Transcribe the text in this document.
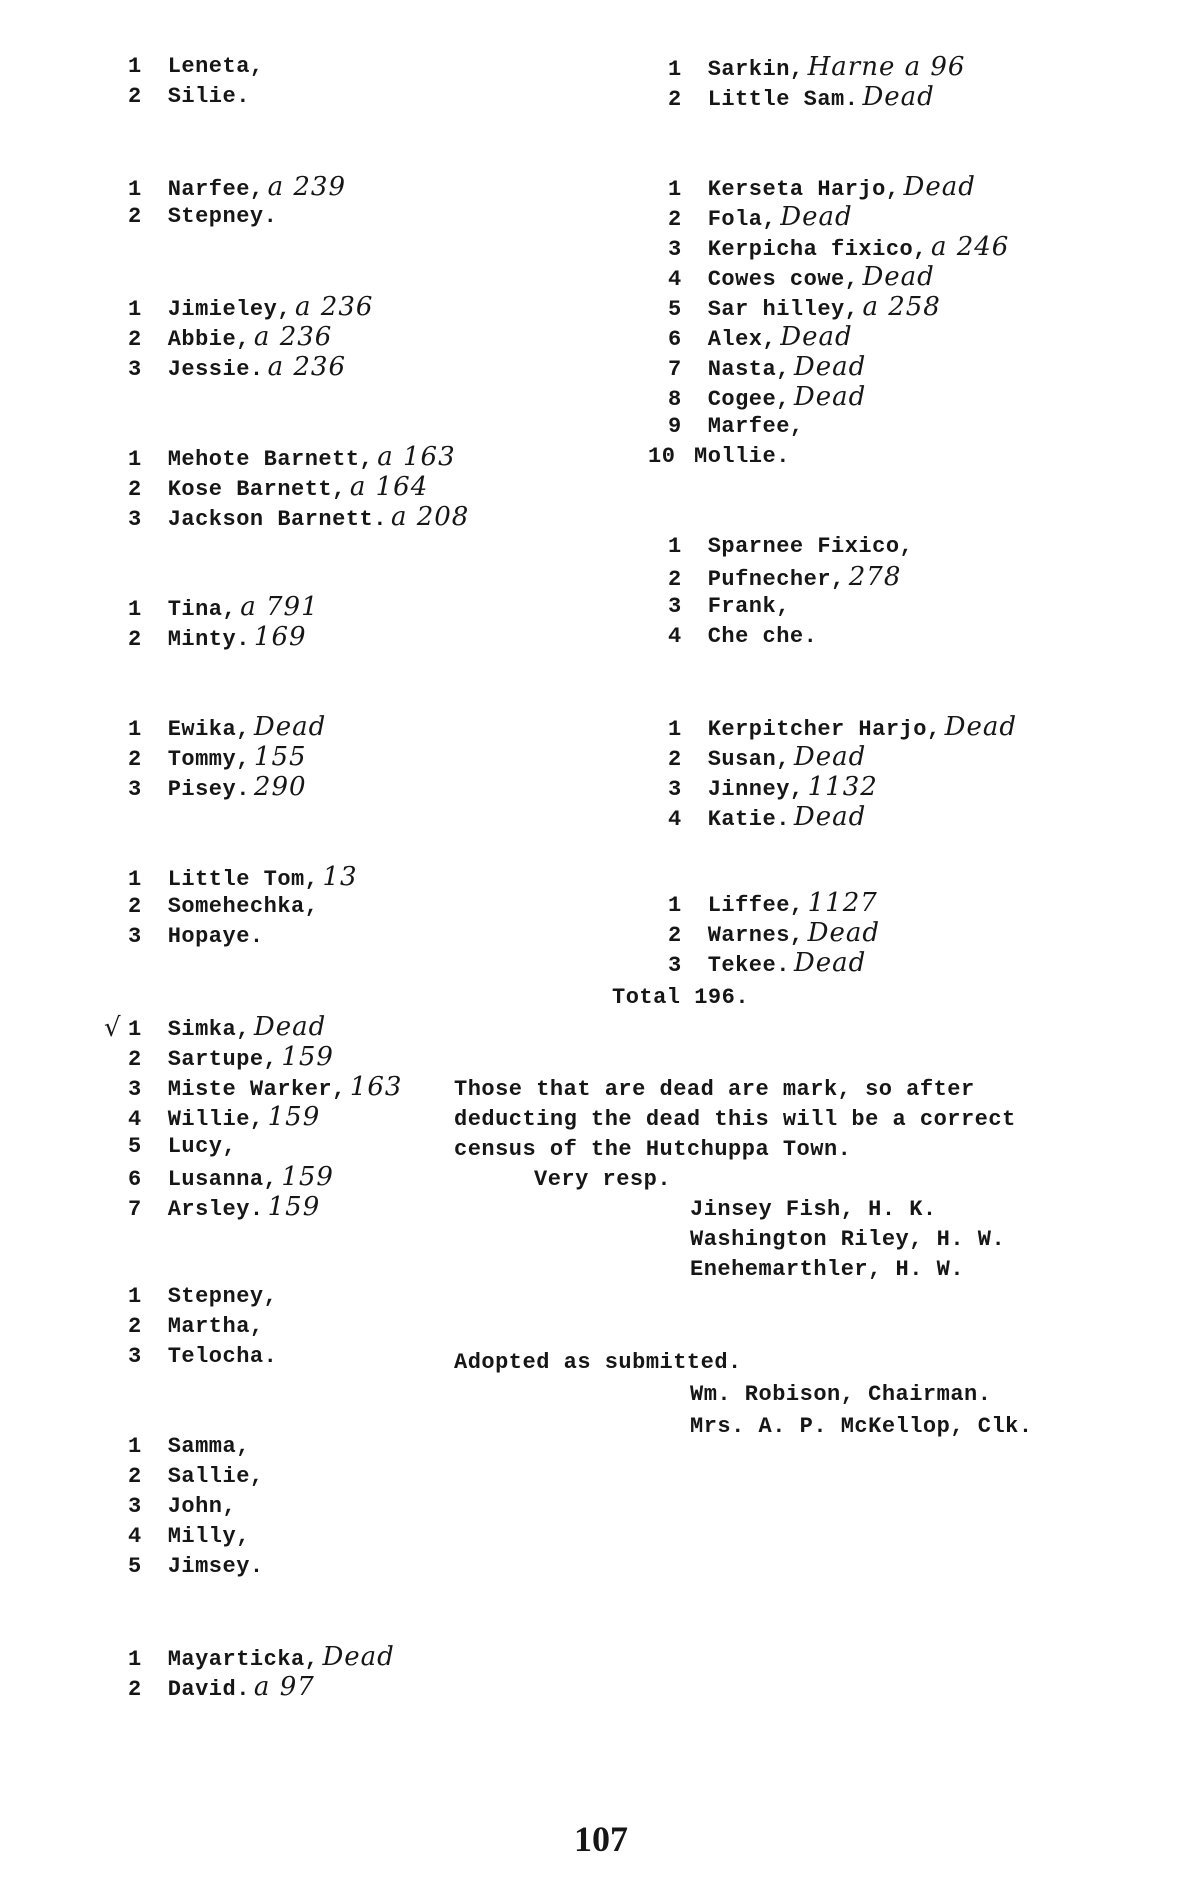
1 Leneta,
2 Silie.
1 Narfee, a 239
2 Stepney.
1 Jimieley, a 236
2 Abbie, a 236
3 Jessie. a 236
1 Mehote Barnett, a 163
2 Kose Barnett, a 164
3 Jackson Barnett. a 208
1 Tina, a 791
2 Minty. 169
1 Ewika, Dead
2 Tommy, 155
3 Pisey. 290
1 Little Tom, 13
2 Somehechka,
3 Hopaye.
1 Simka, Dead
2 Sartupe, 159
3 Miste Warker, 163
4 Willie, 159
5 Lucy,
6 Lusanna, 159
7 Arsley. 159
1 Stepney,
2 Martha,
3 Telocha.
1 Samma,
2 Sallie,
3 John,
4 Milly,
5 Jimsey.
1 Mayarticka, Dead
2 David. a 97
√
1 Sarkin, Harne a 96
2 Little Sam. Dead
1 Kerseta Harjo, Dead
2 Fola, Dead
3 Kerpicha fixico, a 246
4 Cowes cowe, Dead
5 Sar hilley, a 258
6 Alex, Dead
7 Nasta, Dead
8 Cogee, Dead
9 Marfee,
10 Mollie.
1 Sparnee Fixico,
2 Pufnecher, 278
3 Frank,
4 Che che.
1 Kerpitcher Harjo, Dead
2 Susan, Dead
3 Jinney, 1132
4 Katie. Dead
1 Liffee, 1127
2 Warnes, Dead
3 Tekee. Dead
Total 196.
Those that are dead are mark, so after
deducting the dead this will be a correct
census of the Hutchuppa Town.
Very resp.
Jinsey Fish, H. K.
Washington Riley, H. W.
Enehemarthler, H. W.
Adopted as submitted.
Wm. Robison, Chairman.
Mrs. A. P. McKellop, Clk.
107
